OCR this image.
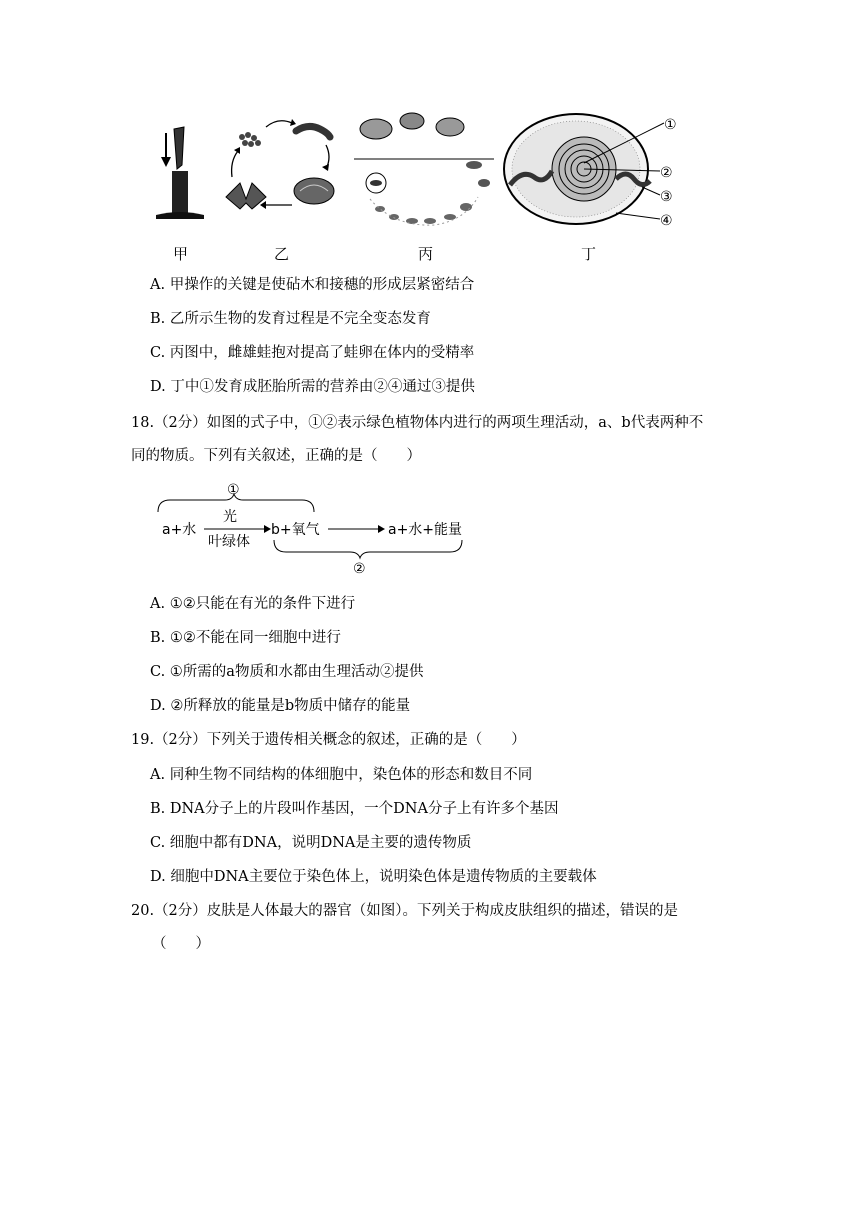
甲	乙	丙
①
②
③
④
丁
A. 甲操作的关键是使砧木和接穗的形成层紧密结合
B. 乙所示生物的发育过程是不完全变态发育
C. 丙图中，雌雄蛙抱对提高了蛙卵在体内的受精率
D. 丁中①发育成胚胎所需的营养由②④通过③提供
18.（2分）如图的式子中，①②表示绿色植物体内进行的两项生理活动，a、b代表两种不
同的物质。下列有关叙述，正确的是（　　）
①
a+水
光
叶绿体
b+氧气	a+水+能量
②
A. ①②只能在有光的条件下进行
B. ①②不能在同一细胞中进行
C. ①所需的a物质和水都由生理活动②提供
D. ②所释放的能量是b物质中储存的能量
19.（2分）下列关于遗传相关概念的叙述，正确的是（　　）
A. 同种生物不同结构的体细胞中，染色体的形态和数目不同
B. DNA分子上的片段叫作基因，一个DNA分子上有许多个基因
C. 细胞中都有DNA，说明DNA是主要的遗传物质
D. 细胞中DNA主要位于染色体上，说明染色体是遗传物质的主要载体
20.（2分）皮肤是人体最大的器官（如图）。下列关于构成皮肤组织的描述，错误的是
（　　）
